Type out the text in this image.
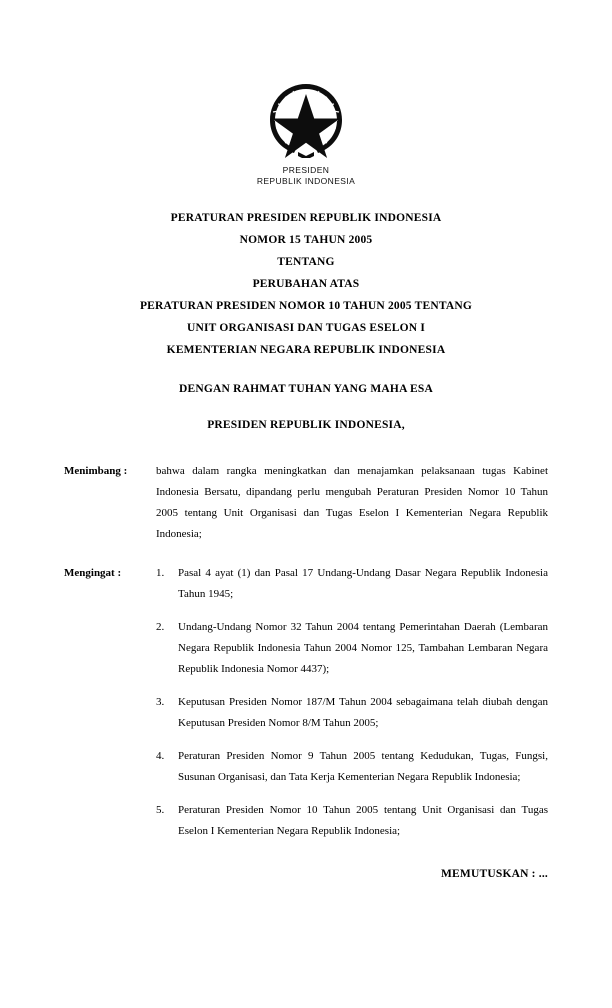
PRESIDEN
REPUBLIK INDONESIA
PERATURAN PRESIDEN REPUBLIK INDONESIA
NOMOR 15 TAHUN 2005
TENTANG
PERUBAHAN ATAS
PERATURAN PRESIDEN NOMOR 10 TAHUN 2005 TENTANG
UNIT ORGANISASI DAN TUGAS ESELON I
KEMENTERIAN NEGARA REPUBLIK INDONESIA
DENGAN RAHMAT TUHAN YANG MAHA ESA
PRESIDEN REPUBLIK INDONESIA,
Menimbang :	bahwa dalam rangka meningkatkan dan menajamkan pelaksanaan tugas Kabinet Indonesia Bersatu, dipandang perlu mengubah Peraturan Presiden Nomor 10 Tahun 2005 tentang Unit Organisasi dan Tugas Eselon I Kementerian Negara Republik Indonesia;
Mengingat :	1.	Pasal 4 ayat (1) dan Pasal 17 Undang-Undang Dasar Negara Republik Indonesia Tahun 1945;
2.	Undang-Undang Nomor 32 Tahun 2004 tentang Pemerintahan Daerah (Lembaran Negara Republik Indonesia Tahun 2004 Nomor 125, Tambahan Lembaran Negara Republik Indonesia Nomor 4437);
3.	Keputusan Presiden Nomor 187/M Tahun 2004 sebagaimana telah diubah dengan Keputusan Presiden Nomor 8/M Tahun 2005;
4.	Peraturan Presiden Nomor 9 Tahun 2005 tentang Kedudukan, Tugas, Fungsi, Susunan Organisasi, dan Tata Kerja Kementerian Negara Republik Indonesia;
5.	Peraturan Presiden Nomor 10 Tahun 2005 tentang Unit Organisasi dan Tugas Eselon I Kementerian Negara Republik Indonesia;
MEMUTUSKAN : ...
